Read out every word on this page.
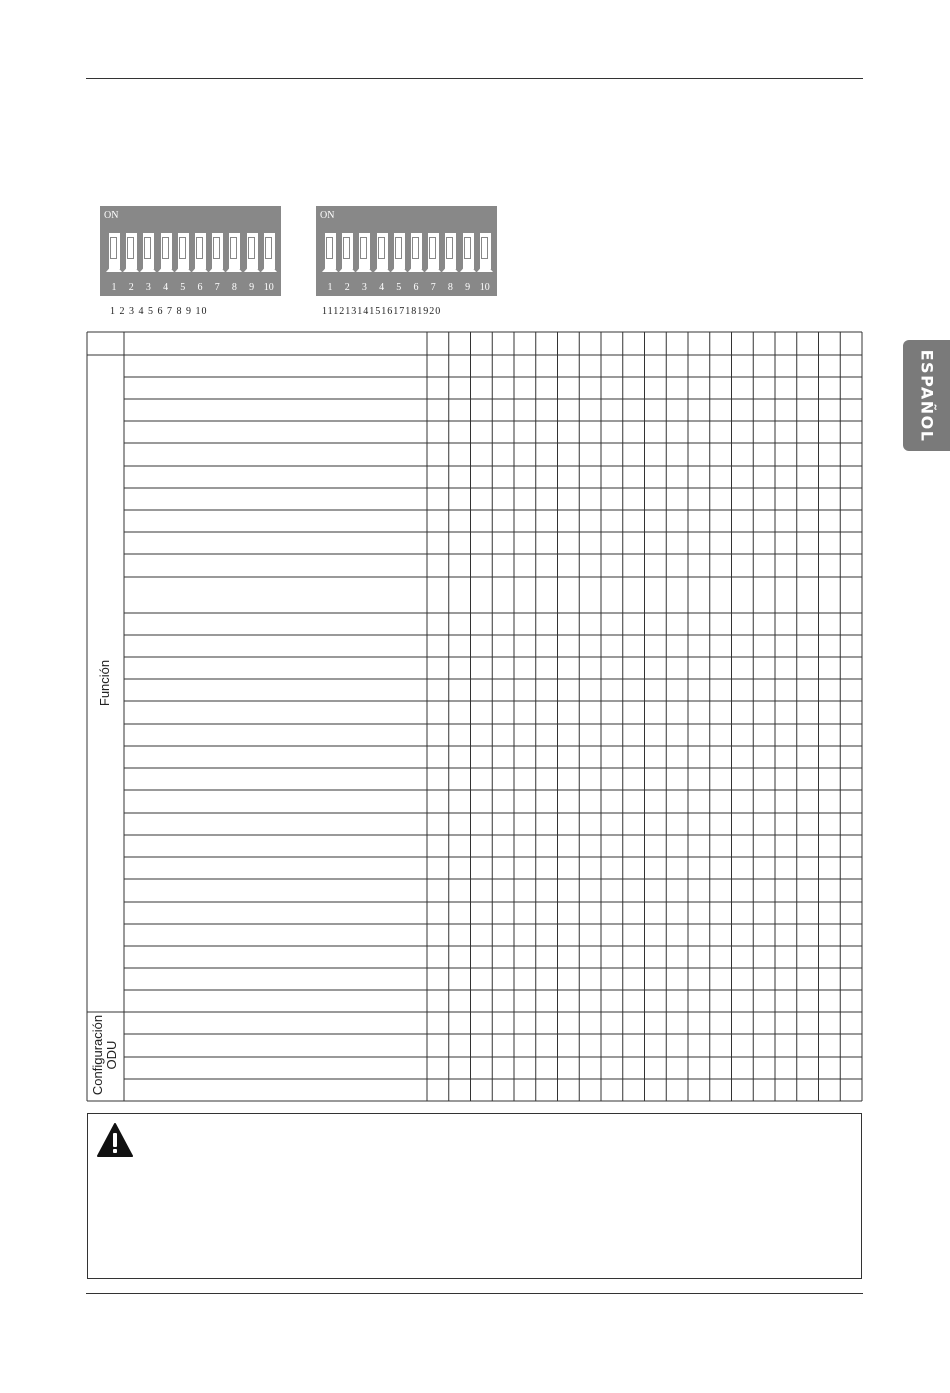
ESPAÑOL
ON
1	2	3	4	5	6	7	8	9 10
1 2 3 4 5 6 7 8 9 10
ON
1	2	3	4	5	6	7	8	9 10
11121314151617181920
Función
Configuración ODU
